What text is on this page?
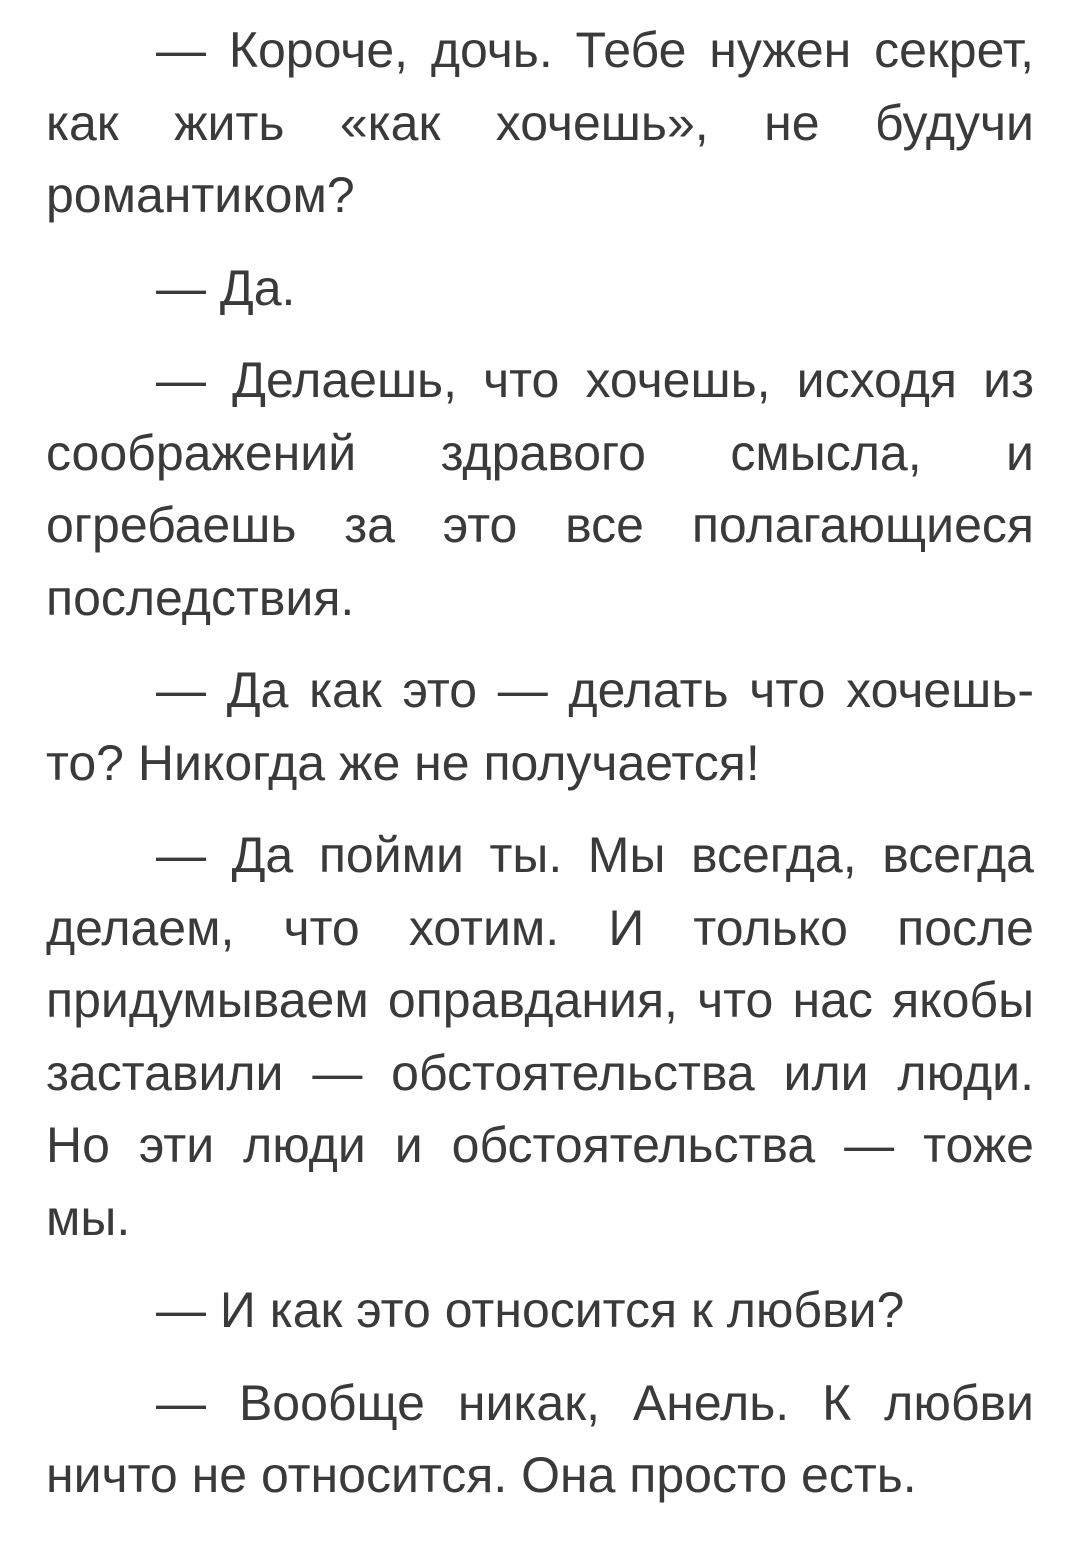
— Короче, дочь. Тебе нужен секрет, как жить «как хочешь», не будучи романтиком?

— Да.

— Делаешь, что хочешь, исходя из соображений здравого смысла, и огребаешь за это все полагающиеся последствия.

— Да как это — делать что хочешь-то? Никогда же не получается!

— Да пойми ты. Мы всегда, всегда делаем, что хотим. И только после придумываем оправдания, что нас якобы заставили — обстоятельства или люди. Но эти люди и обстоятельства — тоже мы.

— И как это относится к любви?

— Вообще никак, Анель. К любви ничто не относится. Она просто есть.
